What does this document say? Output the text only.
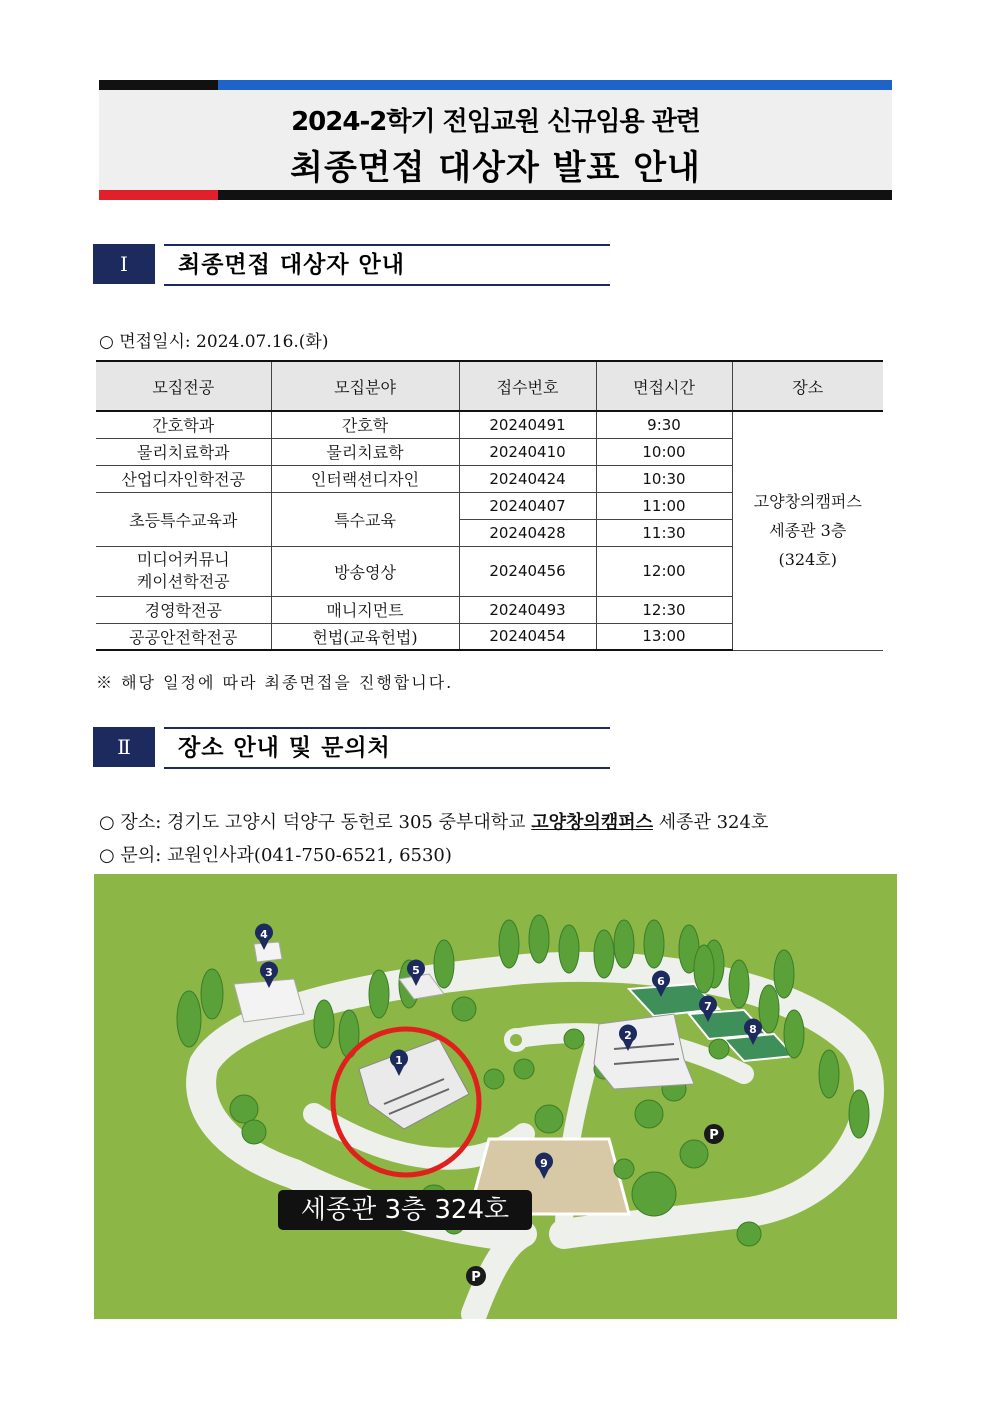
2024-2학기 전임교원 신규임용 관련
최종면접 대상자 발표 안내
Ⅰ	최종면접 대상자 안내
○ 면접일시: 2024.07.16.(화)
모집전공	모집분야	접수번호	면접시간	장소
간호학과	간호학	20240491	9:30	고양창의캠퍼스
세종관 3층
(324호)

물리치료학과	물리치료학	20240410	10:00	
산업디자인학전공	인터랙션디자인	20240424	10:30	
초등특수교육과	특수교육	20240407	11:00	
		20240428	11:30	

미디어커뮤니
케이션학전공	방송영상	20240456	12:00	
경영학전공	매니지먼트	20240493	12:30	
공공안전학전공	헌법(교육헌법)	20240454	13:00	
※ 해당 일정에 따라 최종면접을 진행합니다.
Ⅱ	장소 안내 및 문의처
○ 장소: 경기도 고양시 덕양구 동헌로 305 중부대학교 고양창의캠퍼스 세종관 324호
○ 문의: 교원인사과(041-750-6521, 6530)
1
2
3
4
5
6
7
8
9
P
P
세종관 3층 324호
